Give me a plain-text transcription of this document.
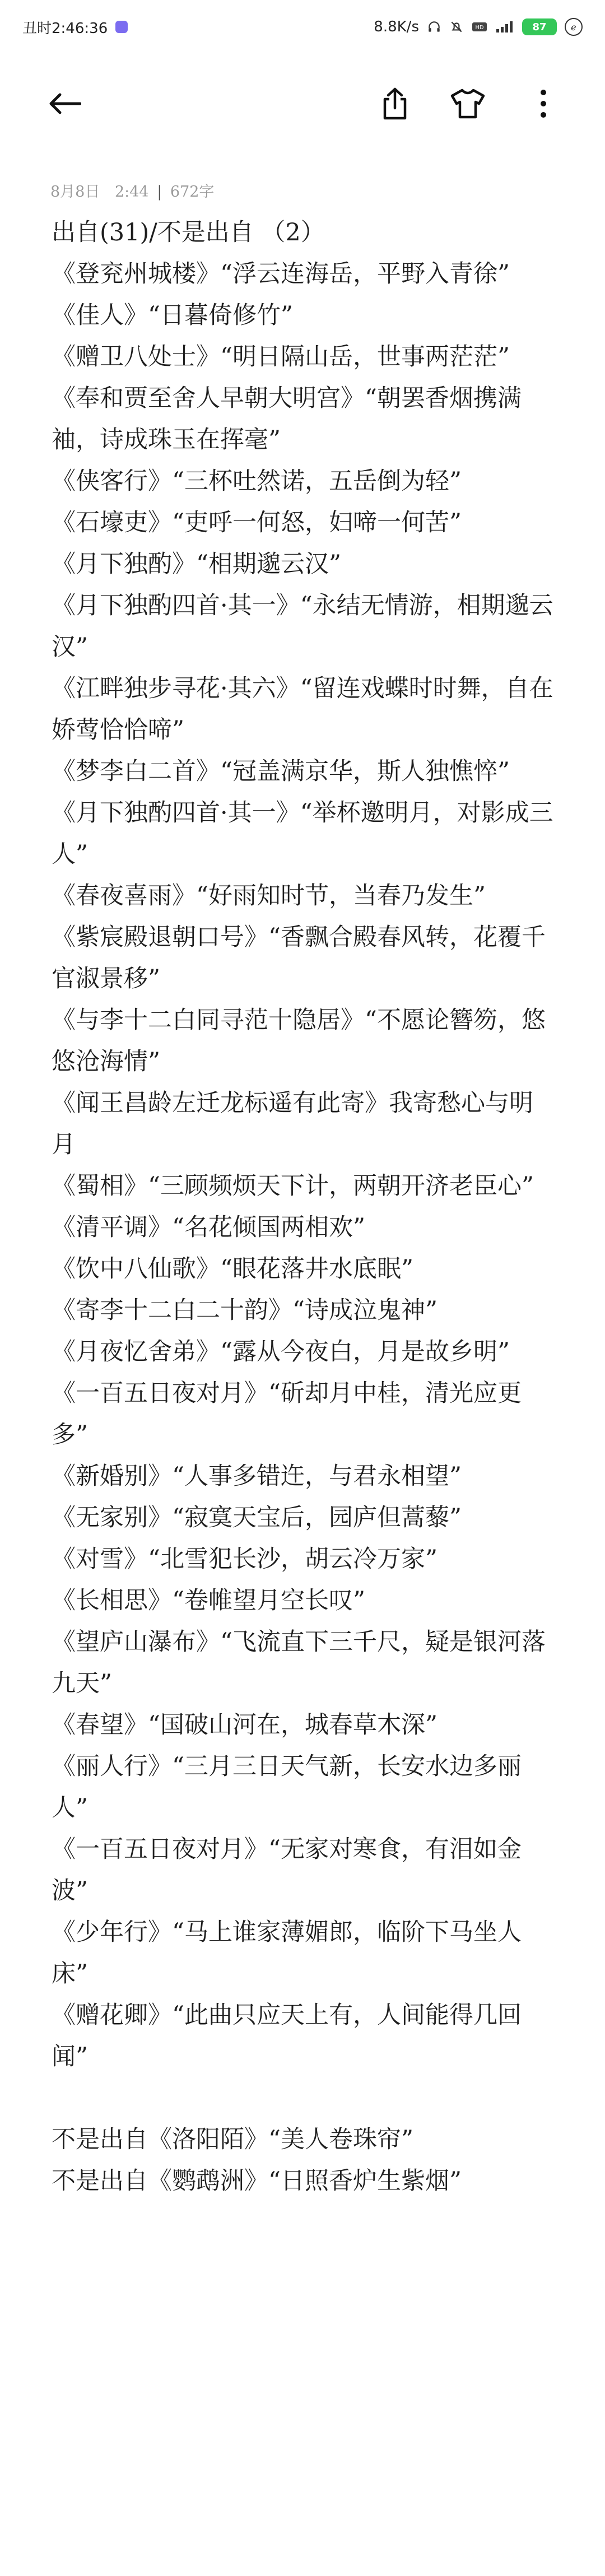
丑时2:46:36	8.8K/s	HD	87	ℯ
8月8日 2:44 | 672字

出自(31)/不是出自 （2）

《登兖州城楼》“浮云连海岳，平野入青徐”

《佳人》“日暮倚修竹”

《赠卫八处士》“明日隔山岳，世事两茫茫”

《奉和贾至舍人早朝大明宫》“朝罢香烟携满袖，诗成珠玉在挥毫”

《侠客行》“三杯吐然诺，五岳倒为轻”

《石壕吏》“吏呼一何怒，妇啼一何苦”

《月下独酌》“相期邈云汉”

《月下独酌四首·其一》“永结无情游，相期邈云汉”

《江畔独步寻花·其六》“留连戏蝶时时舞，自在娇莺恰恰啼”

《梦李白二首》“冠盖满京华，斯人独憔悴”

《月下独酌四首·其一》“举杯邀明月，对影成三人”

《春夜喜雨》“好雨知时节，当春乃发生”

《紫宸殿退朝口号》“香飘合殿春风转，花覆千官淑景移”

《与李十二白同寻范十隐居》“不愿论簪笏，悠悠沧海情”

《闻王昌龄左迁龙标遥有此寄》我寄愁心与明月

《蜀相》“三顾频烦天下计，两朝开济老臣心”

《清平调》“名花倾国两相欢”

《饮中八仙歌》“眼花落井水底眠”

《寄李十二白二十韵》“诗成泣鬼神”

《月夜忆舍弟》“露从今夜白，月是故乡明”

《一百五日夜对月》“斫却月中桂，清光应更多”

《新婚别》“人事多错迕，与君永相望”

《无家别》“寂寞天宝后，园庐但蒿藜”

《对雪》“北雪犯长沙，胡云冷万家”

《长相思》“卷帷望月空长叹”

《望庐山瀑布》“飞流直下三千尺，疑是银河落九天”

《春望》“国破山河在，城春草木深”

《丽人行》“三月三日天气新，长安水边多丽人”

《一百五日夜对月》“无家对寒食，有泪如金波”

《少年行》“马上谁家薄媚郎，临阶下马坐人床”

《赠花卿》“此曲只应天上有，人间能得几回闻”

不是出自《洛阳陌》“美人卷珠帘”

不是出自《鹦鹉洲》“日照香炉生紫烟”
